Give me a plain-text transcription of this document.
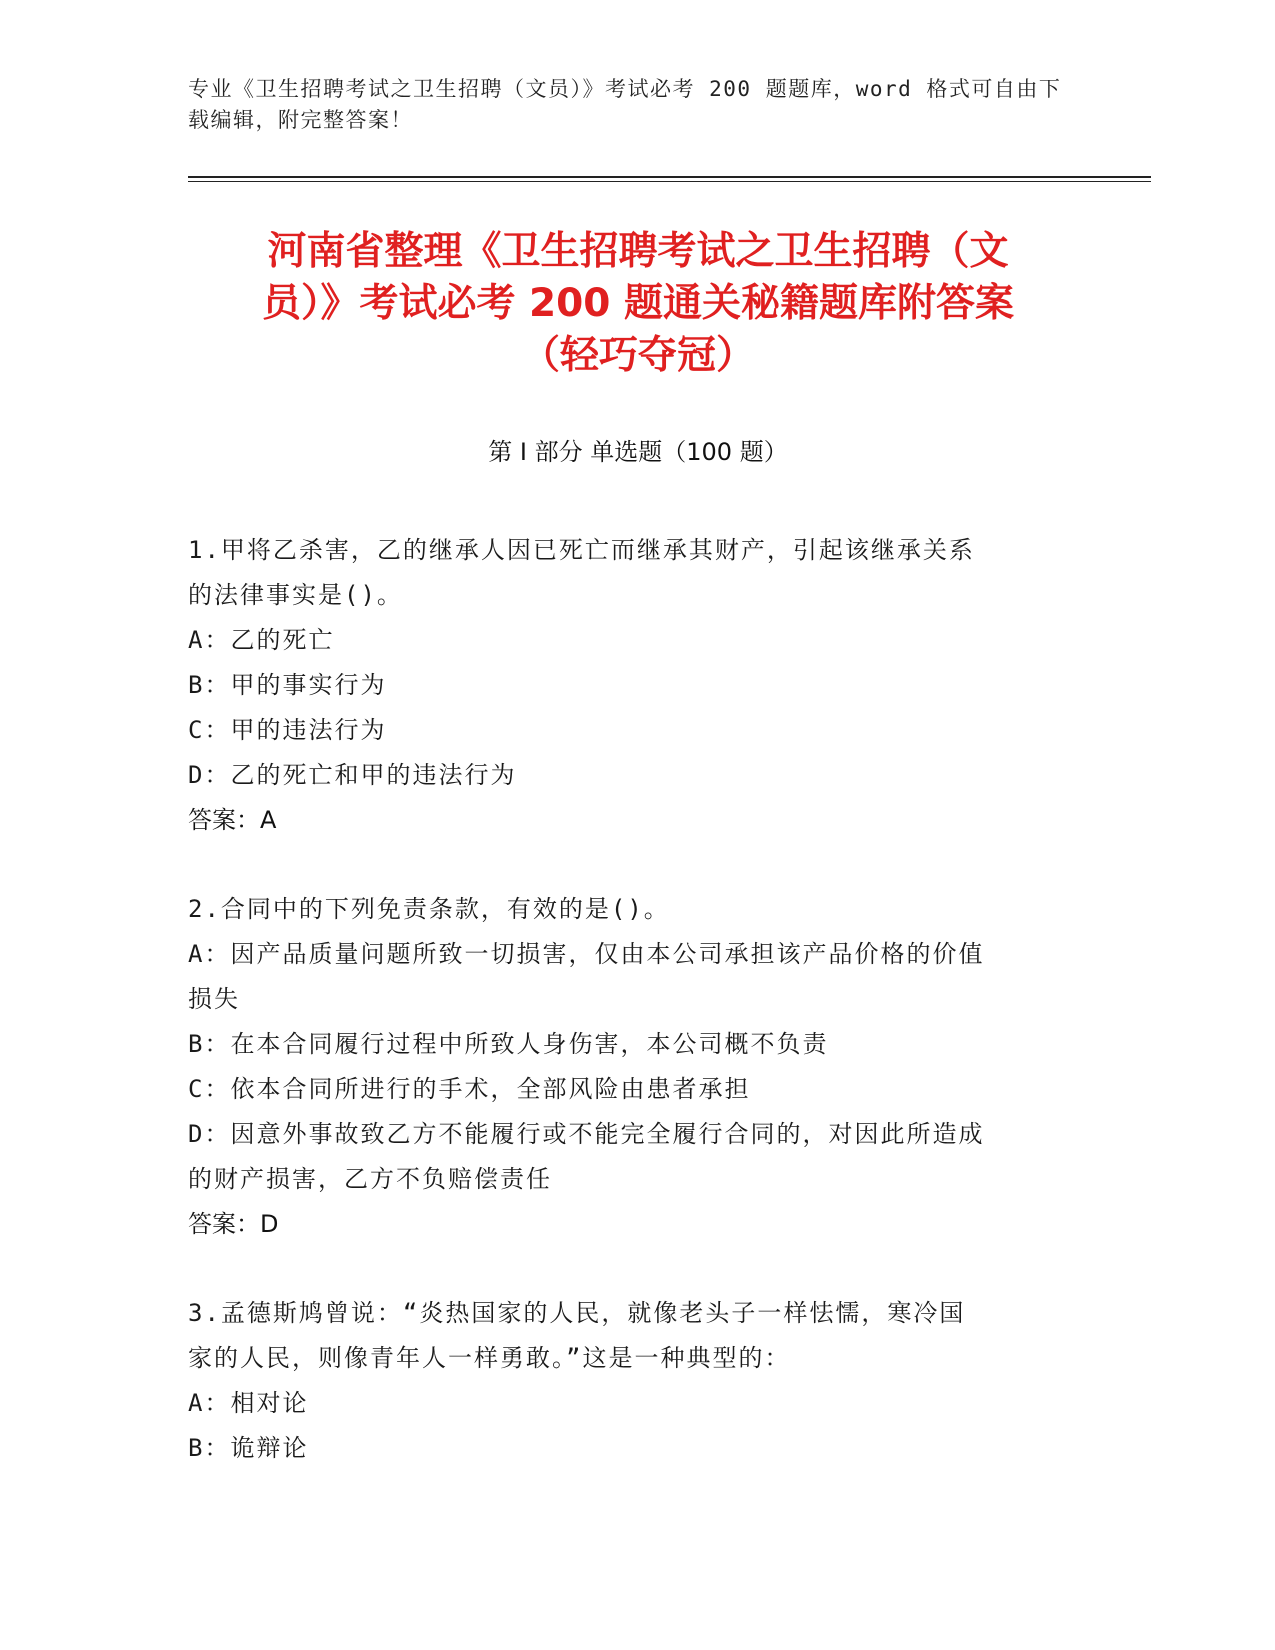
专业《卫生招聘考试之卫生招聘（文员）》考试必考 200 题题库，word 格式可自由下载编辑，附完整答案！
河南省整理《卫生招聘考试之卫生招聘（文
员）》考试必考 200 题通关秘籍题库附答案
（轻巧夺冠）
第 I 部分 单选题（100 题）
1.甲将乙杀害，乙的继承人因已死亡而继承其财产，引起该继承关系
的法律事实是()。
A：乙的死亡
B：甲的事实行为
C：甲的违法行为
D：乙的死亡和甲的违法行为
答案：A
2.合同中的下列免责条款，有效的是()。
A：因产品质量问题所致一切损害，仅由本公司承担该产品价格的价值
损失
B：在本合同履行过程中所致人身伤害，本公司概不负责
C：依本合同所进行的手术，全部风险由患者承担
D：因意外事故致乙方不能履行或不能完全履行合同的，对因此所造成
的财产损害，乙方不负赔偿责任
答案：D
3.孟德斯鸠曾说：“炎热国家的人民，就像老头子一样怯懦，寒冷国
家的人民，则像青年人一样勇敢。”这是一种典型的：
A：相对论
B：诡辩论
